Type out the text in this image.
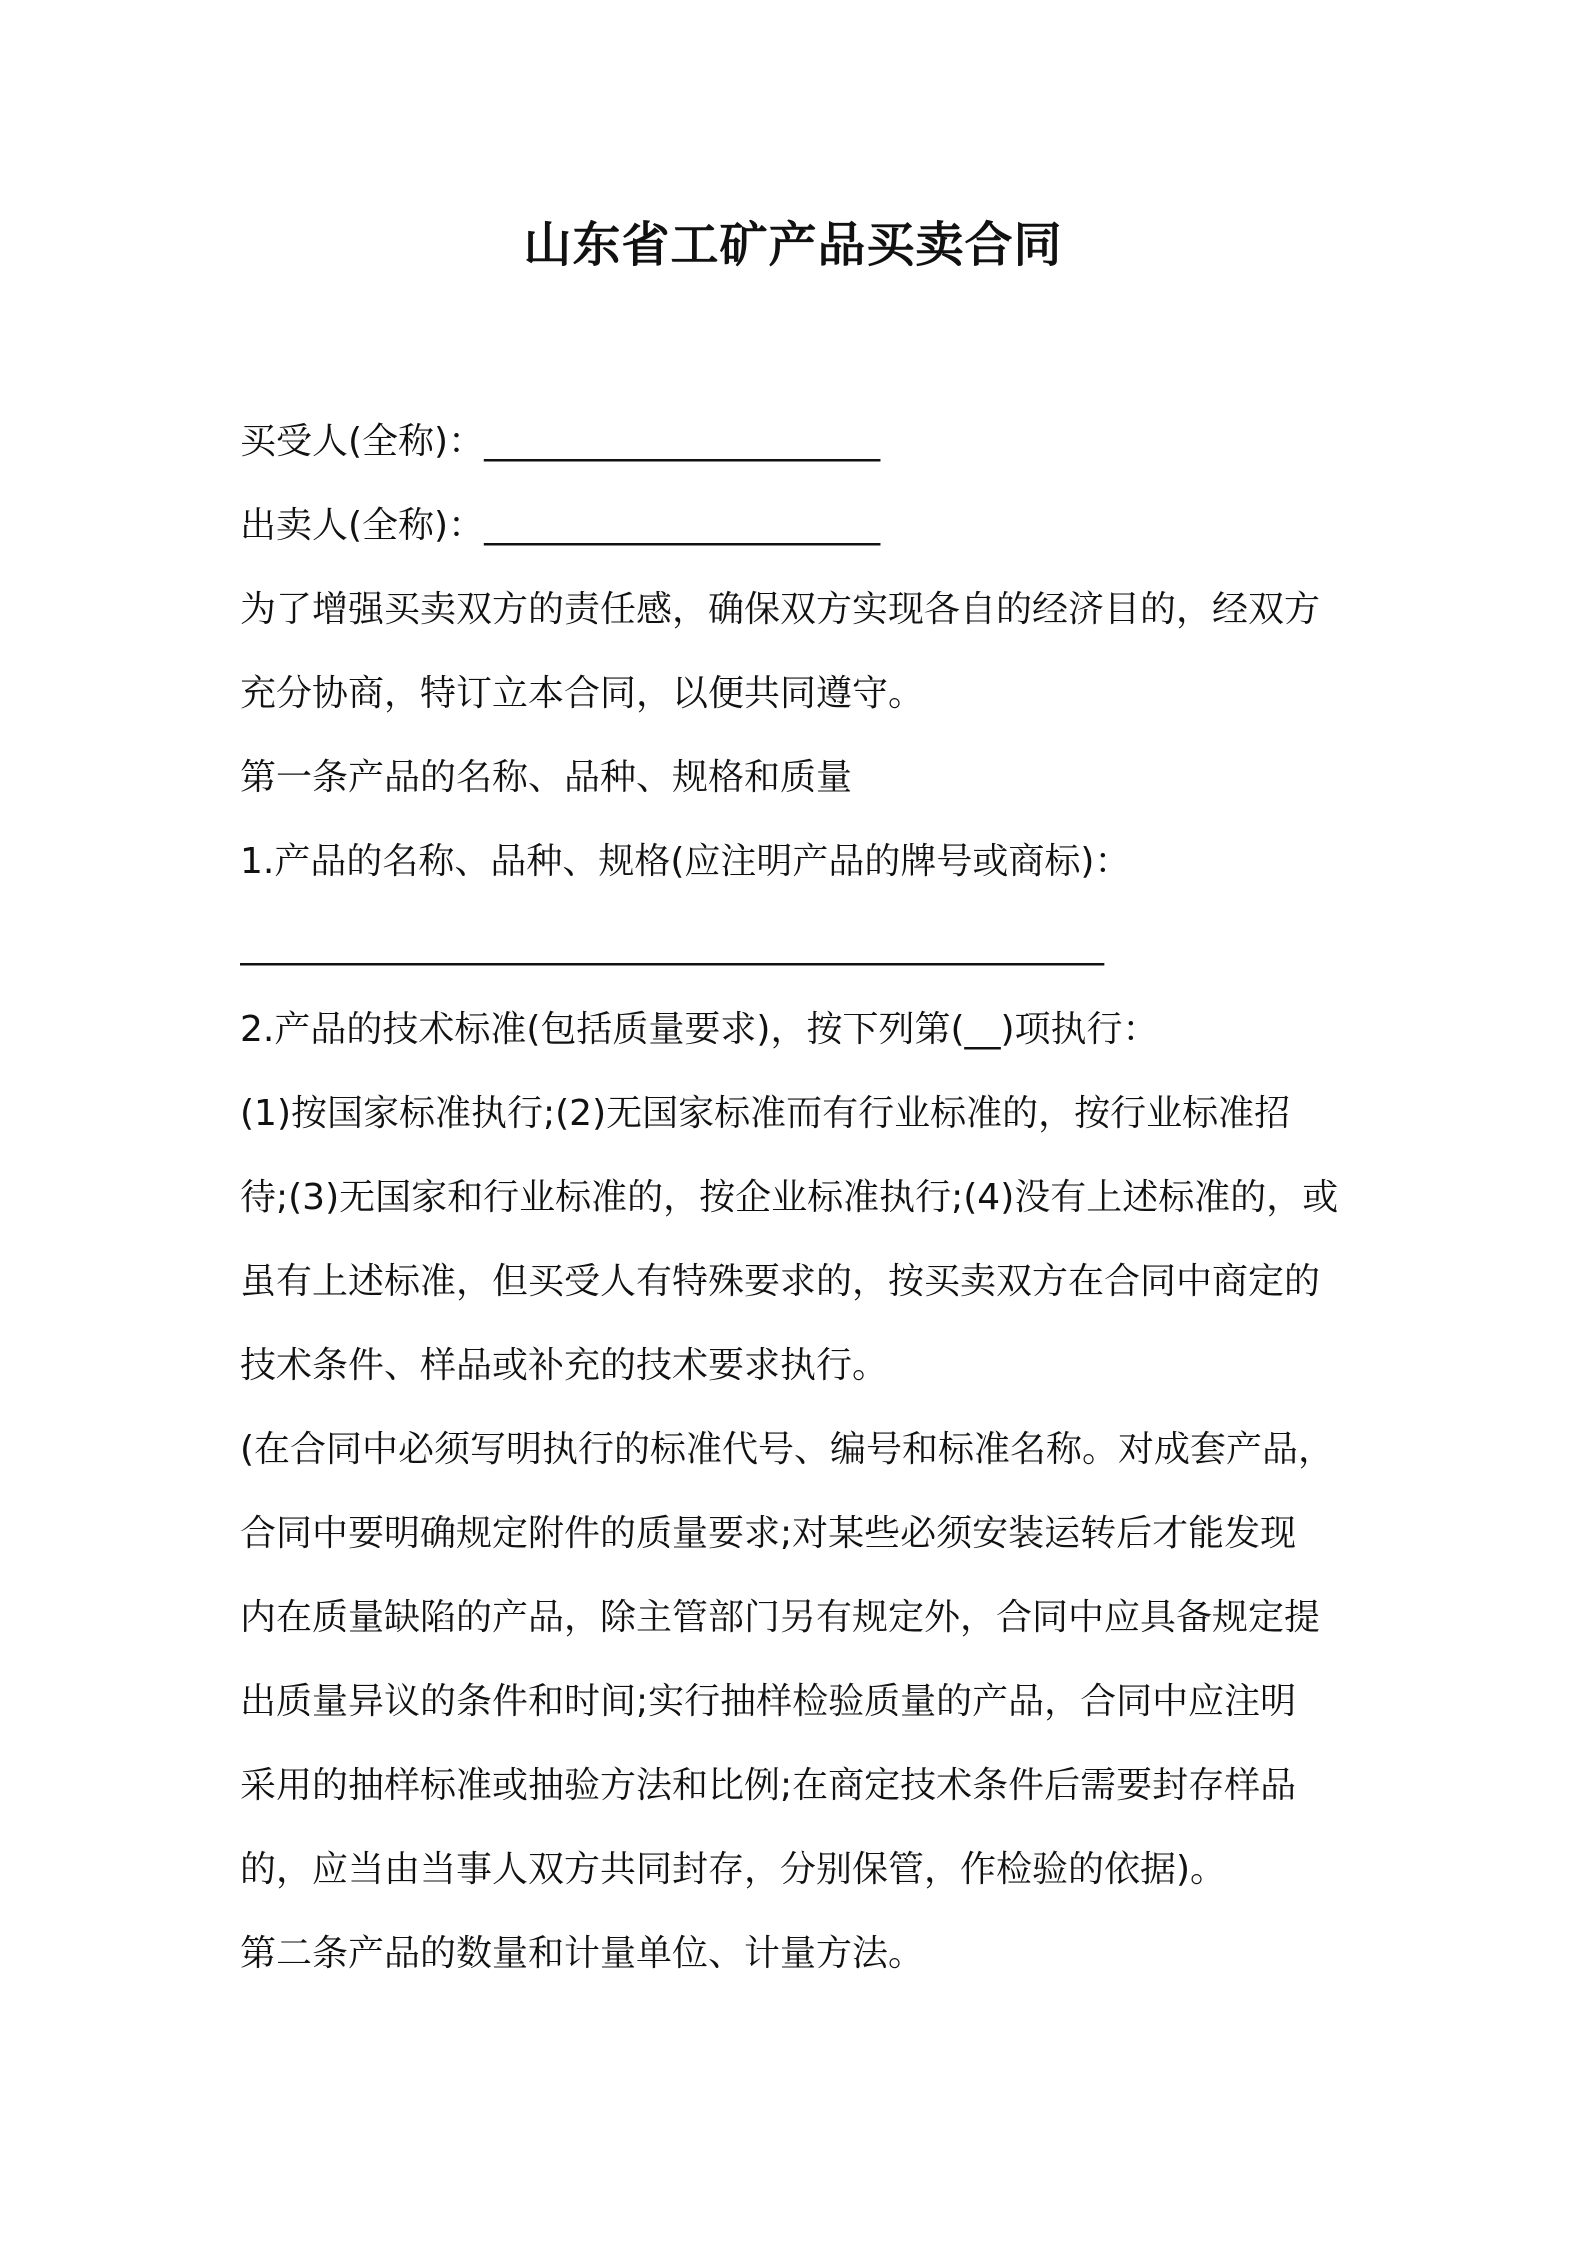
山东省工矿产品买卖合同
买受人(全称)：______________________
出卖人(全称)：______________________
为了增强买卖双方的责任感，确保双方实现各自的经济目的，经双方
充分协商，特订立本合同，以便共同遵守。
第一条产品的名称、品种、规格和质量
1.产品的名称、品种、规格(应注明产品的牌号或商标)：
________________________________________________
2.产品的技术标准(包括质量要求)，按下列第(__)项执行：
(1)按国家标准执行;(2)无国家标准而有行业标准的，按行业标准招
待;(3)无国家和行业标准的，按企业标准执行;(4)没有上述标准的，或
虽有上述标准，但买受人有特殊要求的，按买卖双方在合同中商定的
技术条件、样品或补充的技术要求执行。
(在合同中必须写明执行的标准代号、编号和标准名称。对成套产品，
合同中要明确规定附件的质量要求;对某些必须安装运转后才能发现
内在质量缺陷的产品，除主管部门另有规定外，合同中应具备规定提
出质量异议的条件和时间;实行抽样检验质量的产品，合同中应注明
采用的抽样标准或抽验方法和比例;在商定技术条件后需要封存样品
的，应当由当事人双方共同封存，分别保管，作检验的依据)。
第二条产品的数量和计量单位、计量方法。
